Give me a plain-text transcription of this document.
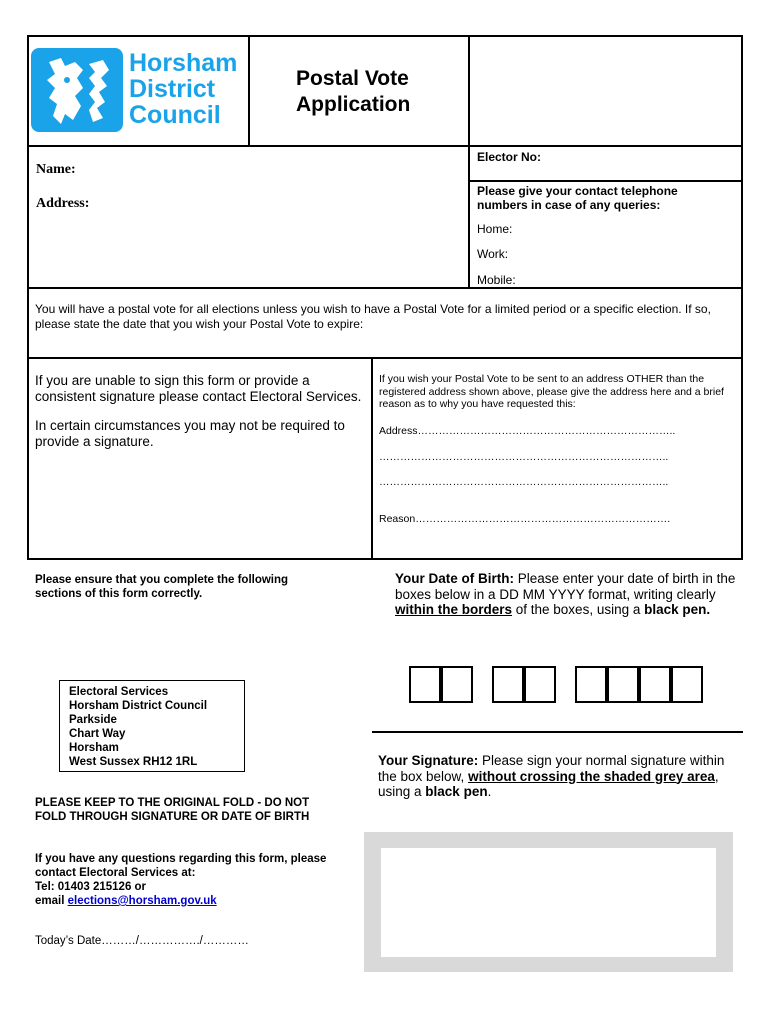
Horsham
District
Council
Postal Vote
Application
Name:
Address:
Elector No:
Please give your contact telephone numbers in case of any queries:
Home:
Work:
Mobile:
You will have a postal vote for all elections unless you wish to have a Postal Vote for a limited period or a specific election. If so, please state the date that you wish your Postal Vote to expire:
If you are unable to sign this form or provide a consistent signature please contact Electoral Services.
In certain circumstances you may not be required to provide a signature.
If you wish your Postal Vote to be sent to an address OTHER than the registered address shown above, please give the address here and a brief reason as to why you have requested this:
Address………………………………………………………………..
………………………………………………………………………..
………………………………………………………………………..
Reason……………………………………………………………….
Please ensure that you complete the following sections of this form correctly.
Electoral Services
Horsham District Council
Parkside
Chart Way
Horsham
West Sussex RH12 1RL
PLEASE KEEP TO THE ORIGINAL FOLD - DO NOT FOLD THROUGH SIGNATURE OR DATE OF BIRTH
If you have any questions regarding this form, please contact Electoral Services at:
Tel: 01403 215126 or
email elections@horsham.gov.uk
Today’s Date………/……………./…………
Your Date of Birth: Please enter your date of birth in the boxes below in a DD MM YYYY format, writing clearly within the borders of the boxes, using a black pen.
Your Signature: Please sign your normal signature within the box below, without crossing the shaded grey area, using a black pen.
